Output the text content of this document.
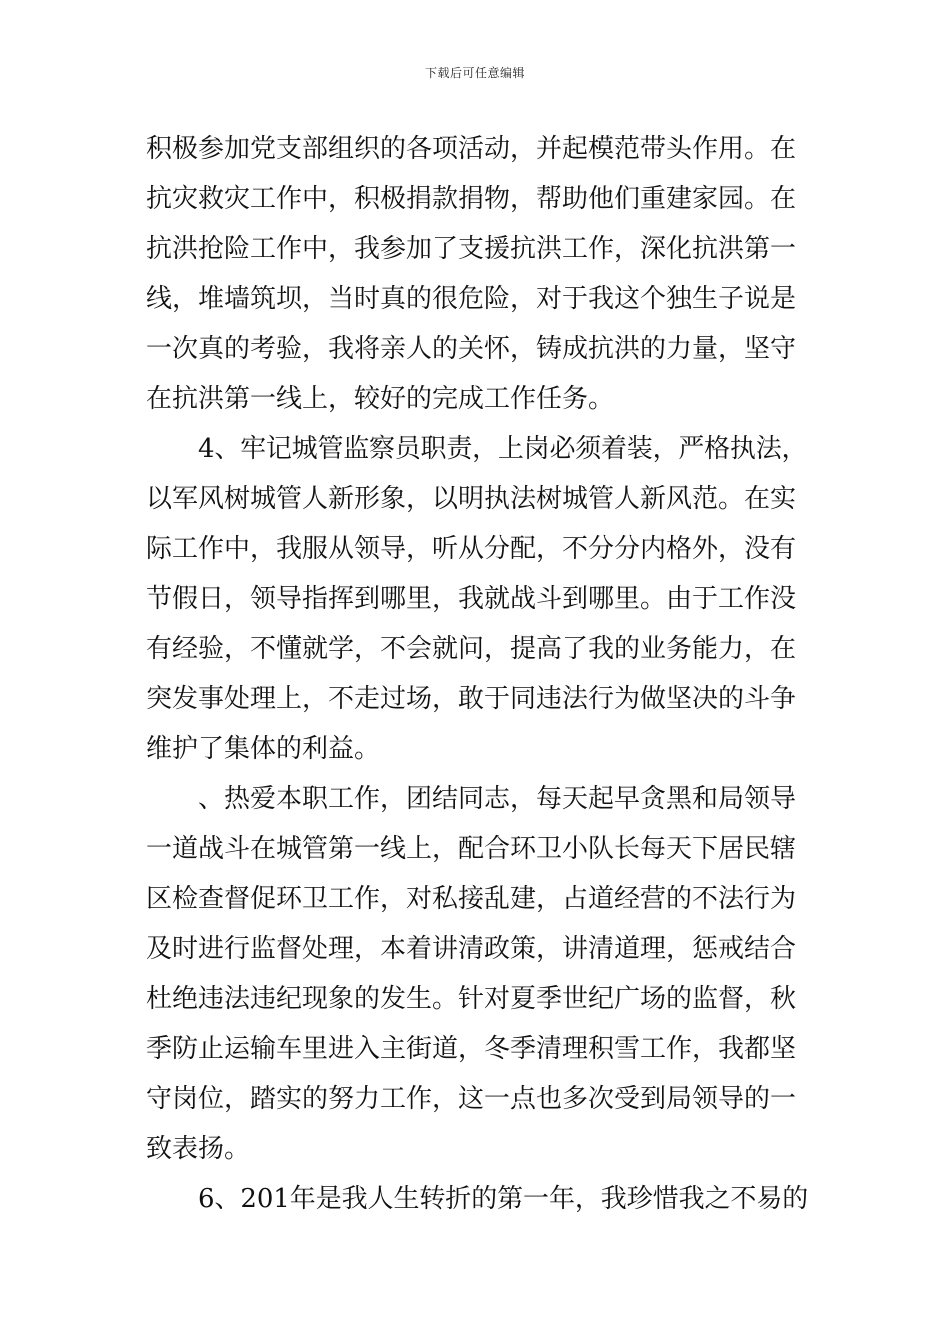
下载后可任意编辑
积极参加党支部组织的各项活动，并起模范带头作用。在
抗灾救灾工作中，积极捐款捐物，帮助他们重建家园。在
抗洪抢险工作中，我参加了支援抗洪工作，深化抗洪第一
线，堆墙筑坝，当时真的很危险，对于我这个独生子说是
一次真的考验，我将亲人的关怀，铸成抗洪的力量，坚守
在抗洪第一线上，较好的完成工作任务。
4、牢记城管监察员职责，上岗必须着装，严格执法，
以军风树城管人新形象，以明执法树城管人新风范。在实
际工作中，我服从领导，听从分配，不分分内格外，没有
节假日，领导指挥到哪里，我就战斗到哪里。由于工作没
有经验，不懂就学，不会就问，提高了我的业务能力，在
突发事处理上，不走过场，敢于同违法行为做坚决的斗争
维护了集体的利益。
、热爱本职工作，团结同志，每天起早贪黑和局领导
一道战斗在城管第一线上，配合环卫小队长每天下居民辖
区检查督促环卫工作，对私接乱建，占道经营的不法行为
及时进行监督处理，本着讲清政策，讲清道理，惩戒结合
杜绝违法违纪现象的发生。针对夏季世纪广场的监督，秋
季防止运输车里进入主街道，冬季清理积雪工作，我都坚
守岗位，踏实的努力工作，这一点也多次受到局领导的一
致表扬。
6、201年是我人生转折的第一年，我珍惜我之不易的
